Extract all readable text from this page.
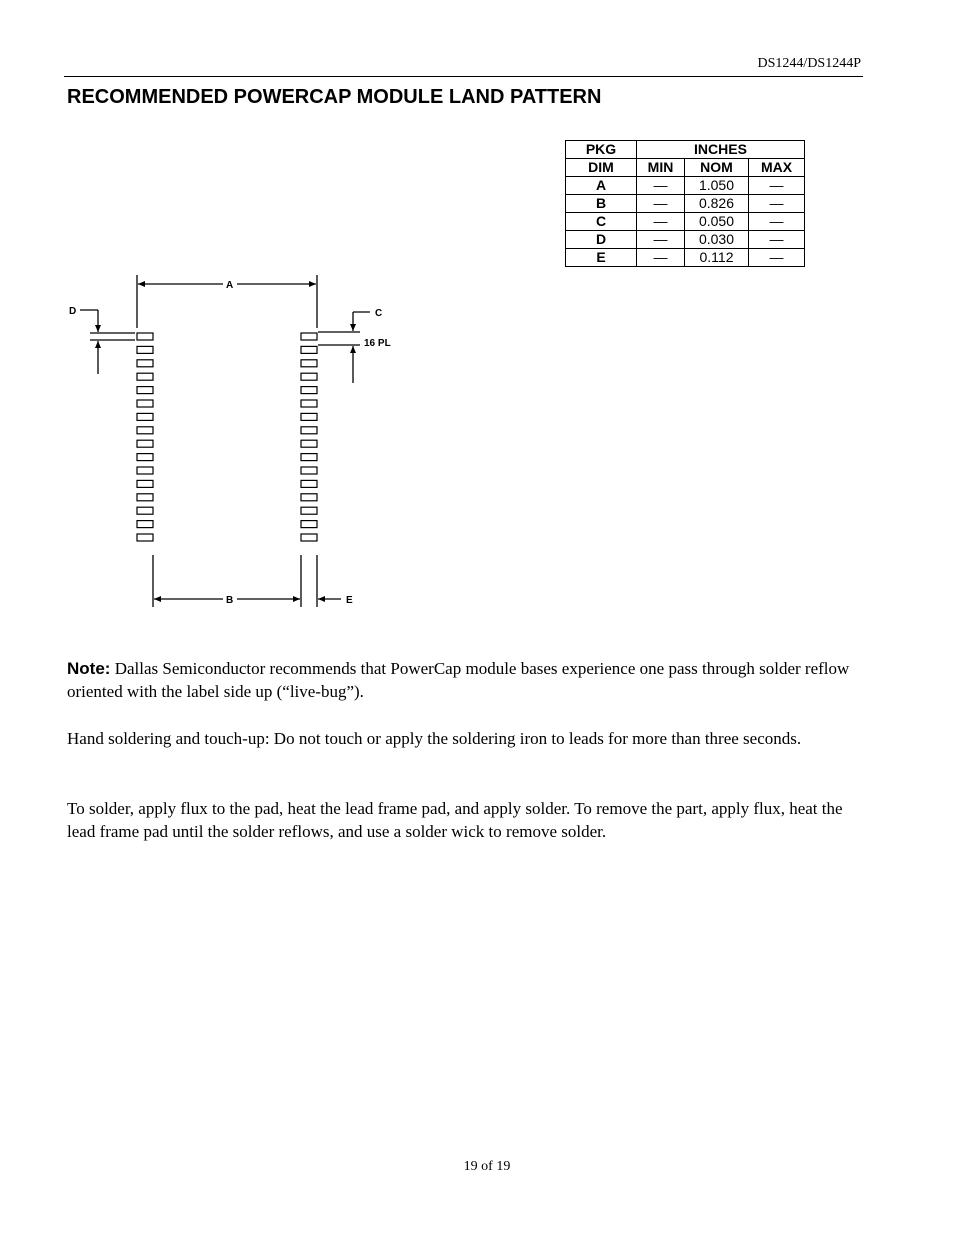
DS1244/DS1244P
RECOMMENDED POWERCAP MODULE LAND PATTERN
PKG	INCHES		
DIM	MIN	NOM	MAX
A	—	1.050	—
B	—	0.826	—
C	—	0.050	—
D	—	0.030	—
E	—	0.112	—
A
B
C
D
E
16 PL

Note: Dallas Semiconductor recommends that PowerCap module bases experience one pass through solder reflow oriented with the label side up (“live-bug”).

Hand soldering and touch-up: Do not touch or apply the soldering iron to leads for more than three seconds.

To solder, apply flux to the pad, heat the lead frame pad, and apply solder. To remove the part, apply flux, heat the lead frame pad until the solder reflows, and use a solder wick to remove solder.

19 of 19
